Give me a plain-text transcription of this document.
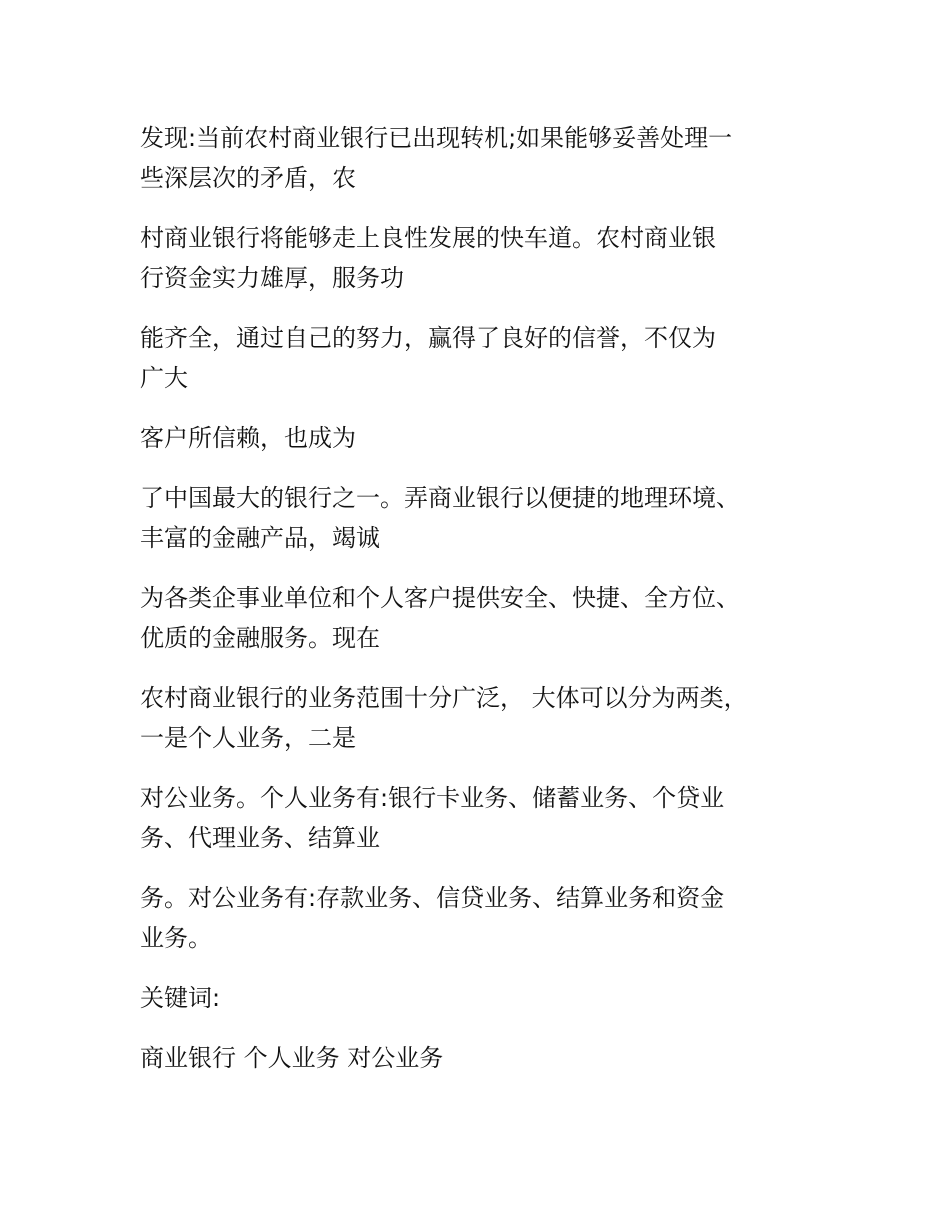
发现:当前农村商业银行已出现转机;如果能够妥善处理一
些深层次的矛盾，农

村商业银行将能够走上良性发展的快车道。农村商业银
行资金实力雄厚，服务功

能齐全，通过自己的努力，赢得了良好的信誉，不仅为
广大

客户所信赖，也成为

了中国最大的银行之一。弄商业银行以便捷的地理环境、
丰富的金融产品，竭诚

为各类企事业单位和个人客户提供安全、快捷、全方位、
优质的金融服务。现在

农村商业银行的业务范围十分广泛， 大体可以分为两类，
一是个人业务，二是

对公业务。个人业务有:银行卡业务、储蓄业务、个贷业
务、代理业务、结算业

务。对公业务有:存款业务、信贷业务、结算业务和资金
业务。

关键词:

商业银行 个人业务 对公业务
